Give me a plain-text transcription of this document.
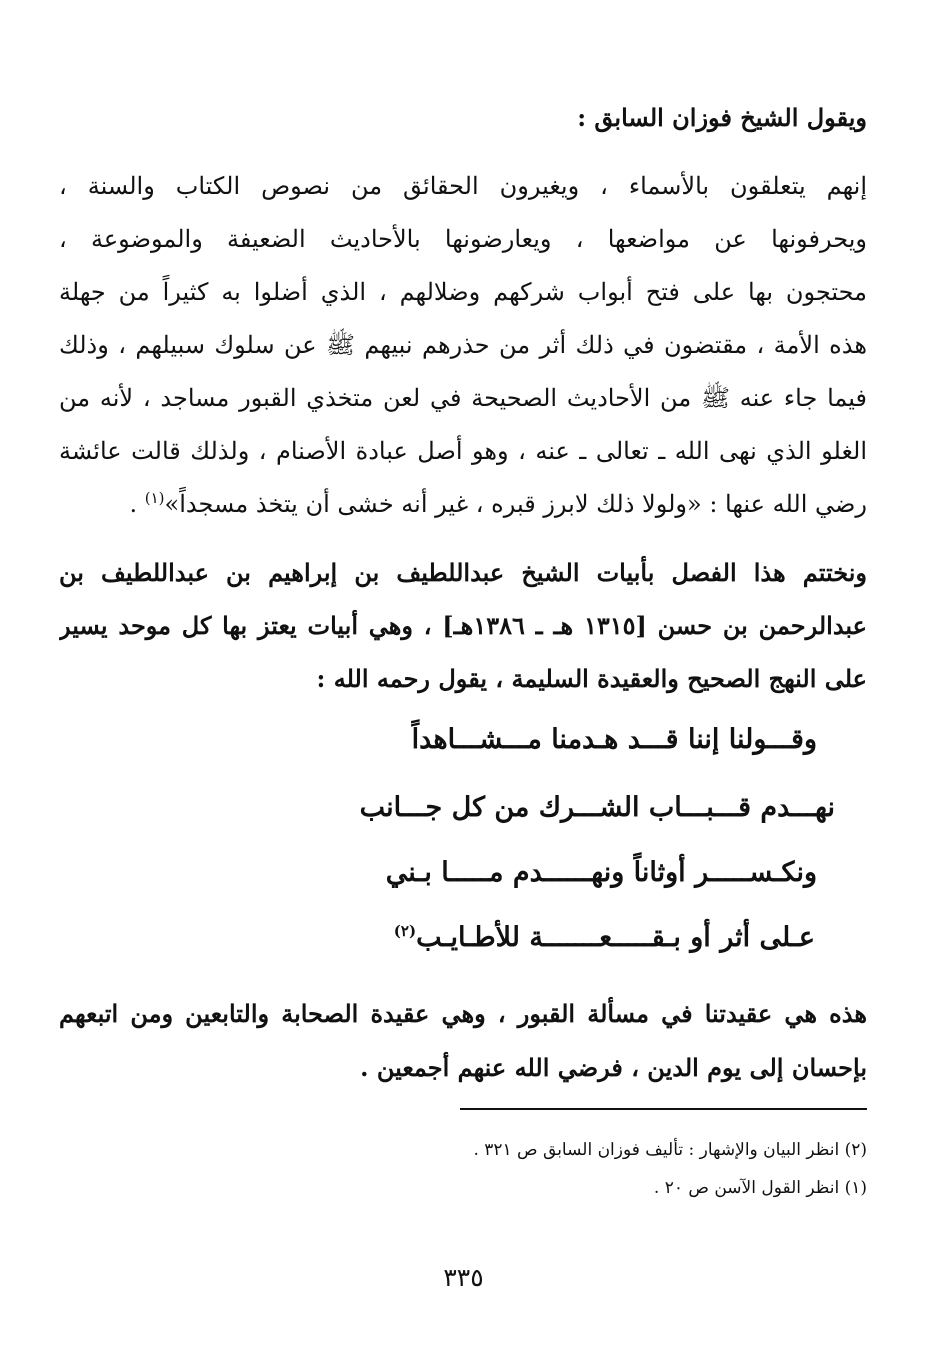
ويقول الشيخ فوزان السابق :
إنهم يتعلقون بالأسماء ، ويغيرون الحقائق من نصوص الكتاب والسنة ،
ويحرفونها عن مواضعها ، ويعارضونها بالأحاديث الضعيفة والموضوعة ،
محتجون بها على فتح أبواب شركهم وضلالهم ، الذي أضلوا به كثيراً من جهلة
هذه الأمة ، مقتضون في ذلك أثر من حذرهم نبيهم ﷺ عن سلوك سبيلهم ، وذلك
فيما جاء عنه ﷺ من الأحاديث الصحيحة في لعن متخذي القبور مساجد ، لأنه من
الغلو الذي نهى الله ـ تعالى ـ عنه ، وهو أصل عبادة الأصنام ، ولذلك قالت عائشة
رضي الله عنها : «ولولا ذلك لابرز قبره ، غير أنه خشى أن يتخذ مسجداً»$^{(١)}$ .
ونختتم هذا الفصل بأبيات الشيخ عبداللطيف بن إبراهيم بن عبداللطيف بن
عبدالرحمن بن حسن [١٣١٥ هـ ـ ١٣٨٦هـ] ، وهي أبيات يعتز بها كل موحد يسير
على النهج الصحيح والعقيدة السليمة ، يقول رحمه الله :
وقـــولنا إننا قـــد هـدمنا مـــشـــاهداً
نهـــدم قـــبـــاب الشـــرك من كل جـــانب
ونكـســـــر أوثاناً ونهــــــدم مـــــا بـني
عـلى أثر أو بـقـــــعـــــــة للأطـايـب$^{(٢)}$
هذه هي عقيدتنا في مسألة القبور ، وهي عقيدة الصحابة والتابعين ومن اتبعهم
بإحسان إلى يوم الدين ، فرضي الله عنهم أجمعين .
(٢) انظر البيان والإشهار : تأليف فوزان السابق ص ٣٢١ .
(١) انظر القول الآسن ص ٢٠ .
٣٣٥
